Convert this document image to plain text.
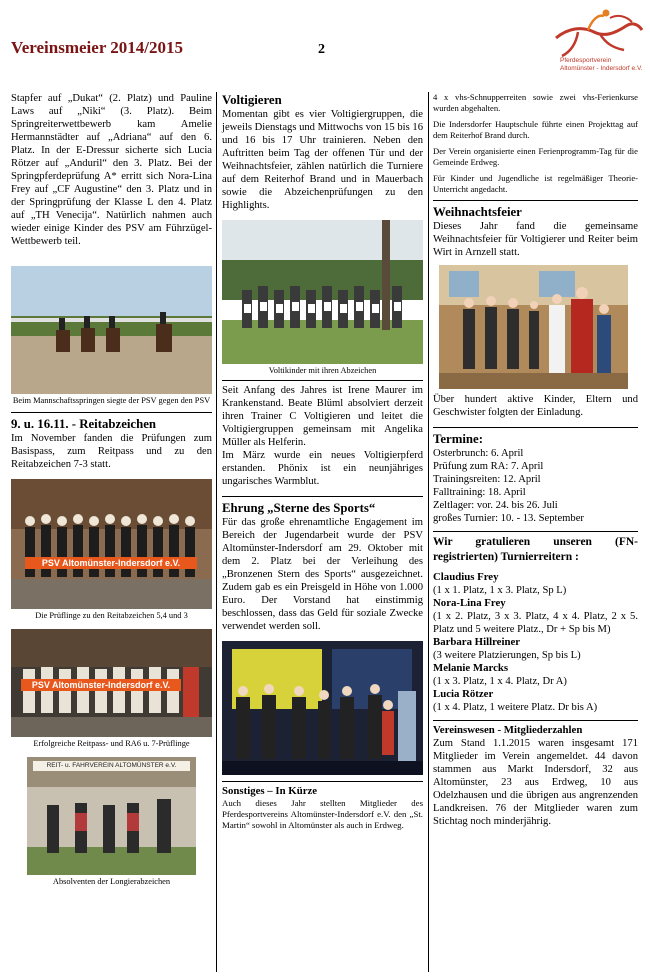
Vereinsmeier 2014/2015	2
Pferdesportverein
Altomünster - Indersdorf e.V.

Stapfer auf „Dukat“ (2. Platz) und Pauline Laws auf „Niki“ (3. Platz). Beim Springreiterwettbewerb kam Amelie Hermannstädter auf „Adriana“ auf den 6. Platz. In der E-Dressur sicherte sich Lucia Rötzer auf „Anduril“ den 3. Platz. Bei der Springpferdeprüfung A* erritt sich Nora-Lina Frey auf „CF Augustine“ den 3. Platz und in der Springprüfung der Klasse L den 4. Platz auf „TH Venecija“. Natürlich nahmen auch wieder einige Kinder des PSV am Führzügel-Wettbewerb teil.

Beim Mannschaftsspringen siegte der PSV gegen den PSV
9. u. 16.11. - Reitabzeichen

Im November fanden die Prüfungen zum Basispass, zum Reitpass und zu den Reitabzeichen 7-3 statt.

PSV Altomünster-Indersdorf e.V.
Die Prüflinge zu den Reitabzeichen 5,4 und 3
PSV Altomünster-Indersdorf e.V.
Erfolgreiche Reitpass- und RA6 u. 7-Prüflinge
REIT- u. FAHRVEREIN ALTOMÜNSTER e.V.
Absolventen der Longierabzeichen
Voltigieren

Momentan gibt es vier Voltigiergruppen, die jeweils Dienstags und Mittwochs von 15 bis 16 und 16 bis 17 Uhr trainieren. Neben den Auftritten beim Tag der offenen Tür und der Weihnachtsfeier, zählen natürlich die Turniere auf dem Reiterhof Brand und in Mauerbach sowie die Abzeichenprüfungen zu den Highlights.

Voltikinder mit ihren Abzeichen

Seit Anfang des Jahres ist Irene Maurer im Krankenstand. Beate Blüml absolviert derzeit ihren Trainer C Voltigieren und leitet die Voltigiergruppen gemeinsam mit Angelika Müller als Helferin.

Im März wurde ein neues Voltigierpferd erstanden. Phönix ist ein neunjähriges ungarisches Warmblut.

Ehrung „Sterne des Sports“

Für das große ehrenamtliche Engagement im Bereich der Jugendarbeit wurde der PSV Altomünster-Indersdorf am 29. Oktober mit dem 2. Platz bei der Verleihung des „Bronzenen Stern des Sports“ ausgezeichnet. Zudem gab es ein Preisgeld in Höhe von 1.000 Euro. Der Vorstand hat einstimmig beschlossen, dass das Geld für soziale Zwecke verwendet werden soll.

Sonstiges – In Kürze

Auch dieses Jahr stellten Mitglieder des Pferdesportvereins Altomünster-Indersdorf e.V. den „St. Martin“ sowohl in Altomünster als auch in Erdweg.

4 x vhs-Schnupperreiten sowie zwei vhs-Ferienkurse wurden abgehalten.

Die Indersdorfer Hauptschule führte einen Projekttag auf dem Reiterhof Brand durch.

Der Verein organisierte einen Ferienprogramm-Tag für die Gemeinde Erdweg.

Für Kinder und Jugendliche ist regelmäßiger Theorie-Unterricht angedacht.

Weihnachtsfeier

Dieses Jahr fand die gemeinsame Weihnachtsfeier für Voltigierer und Reiter beim Wirt in Arnzell statt.

Über hundert aktive Kinder, Eltern und Geschwister folgten der Einladung.

Termine:

Osterbrunch: 6. April

Prüfung zum RA: 7. April

Trainingsreiten: 12. April

Falltraining: 18. April

Zeltlager: vor. 24. bis 26. Juli

großes Turnier: 10. - 13. September

Wir gratulieren unseren (FN-registrierten) Turnierreitern :
Claudius Frey

(1 x 1. Platz, 1 x 3. Platz, Sp L)

Nora-Lina Frey

(1 x 2. Platz, 3 x 3. Platz, 4 x 4. Platz, 2 x 5. Platz und 5 weitere Platz., Dr + Sp bis M)

Barbara Hillreiner

(3 weitere Platzierungen, Sp bis L)

Melanie Marcks

(1 x 3. Platz, 1 x 4. Platz, Dr A)

Lucia Rötzer

(1 x 4. Platz, 1 weitere Platz. Dr bis A)

Vereinswesen - Mitgliederzahlen

Zum Stand 1.1.2015 waren insgesamt 171 Mitglieder im Verein angemeldet. 44 davon stammen aus Markt Indersdorf, 32 aus Altomünster, 23 aus Erdweg, 10 aus Odelzhausen und die übrigen aus angrenzenden Landkreisen. 76 der Mitglieder waren zum Stichtag noch minderjährig.
